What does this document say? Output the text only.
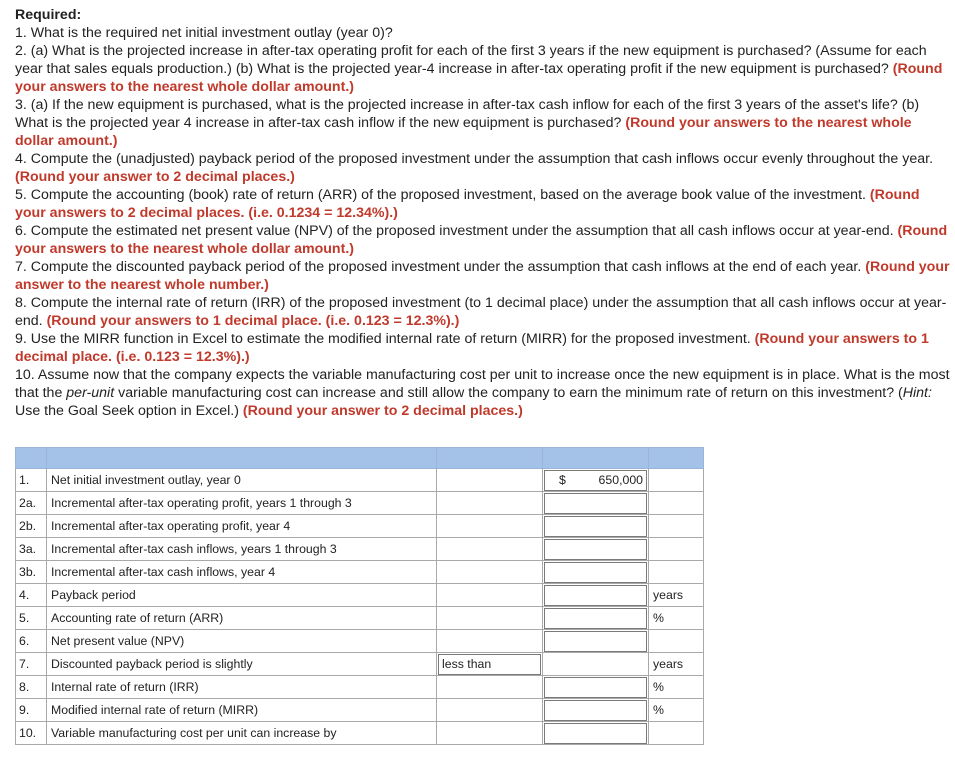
Required:

1. What is the required net initial investment outlay (year 0)?

2. (a) What is the projected increase in after-tax operating profit for each of the first 3 years if the new equipment is purchased? (Assume for each year that sales equals production.) (b) What is the projected year-4 increase in after-tax operating profit if the new equipment is purchased? (Round your answers to the nearest whole dollar amount.)

3. (a) If the new equipment is purchased, what is the projected increase in after-tax cash inflow for each of the first 3 years of the asset's life? (b) What is the projected year 4 increase in after-tax cash inflow if the new equipment is purchased? (Round your answers to the nearest whole dollar amount.)

4. Compute the (unadjusted) payback period of the proposed investment under the assumption that cash inflows occur evenly throughout the year. (Round your answer to 2 decimal places.)

5. Compute the accounting (book) rate of return (ARR) of the proposed investment, based on the average book value of the investment. (Round your answers to 2 decimal places. (i.e. 0.1234 = 12.34%).)

6. Compute the estimated net present value (NPV) of the proposed investment under the assumption that all cash inflows occur at year-end. (Round your answers to the nearest whole dollar amount.)

7. Compute the discounted payback period of the proposed investment under the assumption that cash inflows at the end of each year. (Round your answer to the nearest whole number.)

8. Compute the internal rate of return (IRR) of the proposed investment (to 1 decimal place) under the assumption that all cash inflows occur at year-end. (Round your answers to 1 decimal place. (i.e. 0.123 = 12.3%).)

9. Use the MIRR function in Excel to estimate the modified internal rate of return (MIRR) for the proposed investment. (Round your answers to 1 decimal place. (i.e. 0.123 = 12.3%).)

10. Assume now that the company expects the variable manufacturing cost per unit to increase once the new equipment is in place. What is the most that the per-unit variable manufacturing cost can increase and still allow the company to earn the minimum rate of return on this investment? (Hint: Use the Goal Seek option in Excel.) (Round your answer to 2 decimal places.)

1.	Net initial investment outlay, year 0		$ 650,000	

2a.	Incremental after-tax operating profit, years 1 through 3		

2b.	Incremental after-tax operating profit, year 4		

3a.	Incremental after-tax cash inflows, years 1 through 3		

3b.	Incremental after-tax cash inflows, year 4		

4.	Payback period			years
5.	Accounting rate of return (ARR)			%
6.	Net present value (NPV)		

7.	Discounted payback period is slightly	less than		years
8.	Internal rate of return (IRR)			%
9.	Modified internal rate of return (MIRR)			%
10.	Variable manufacturing cost per unit can increase by		
